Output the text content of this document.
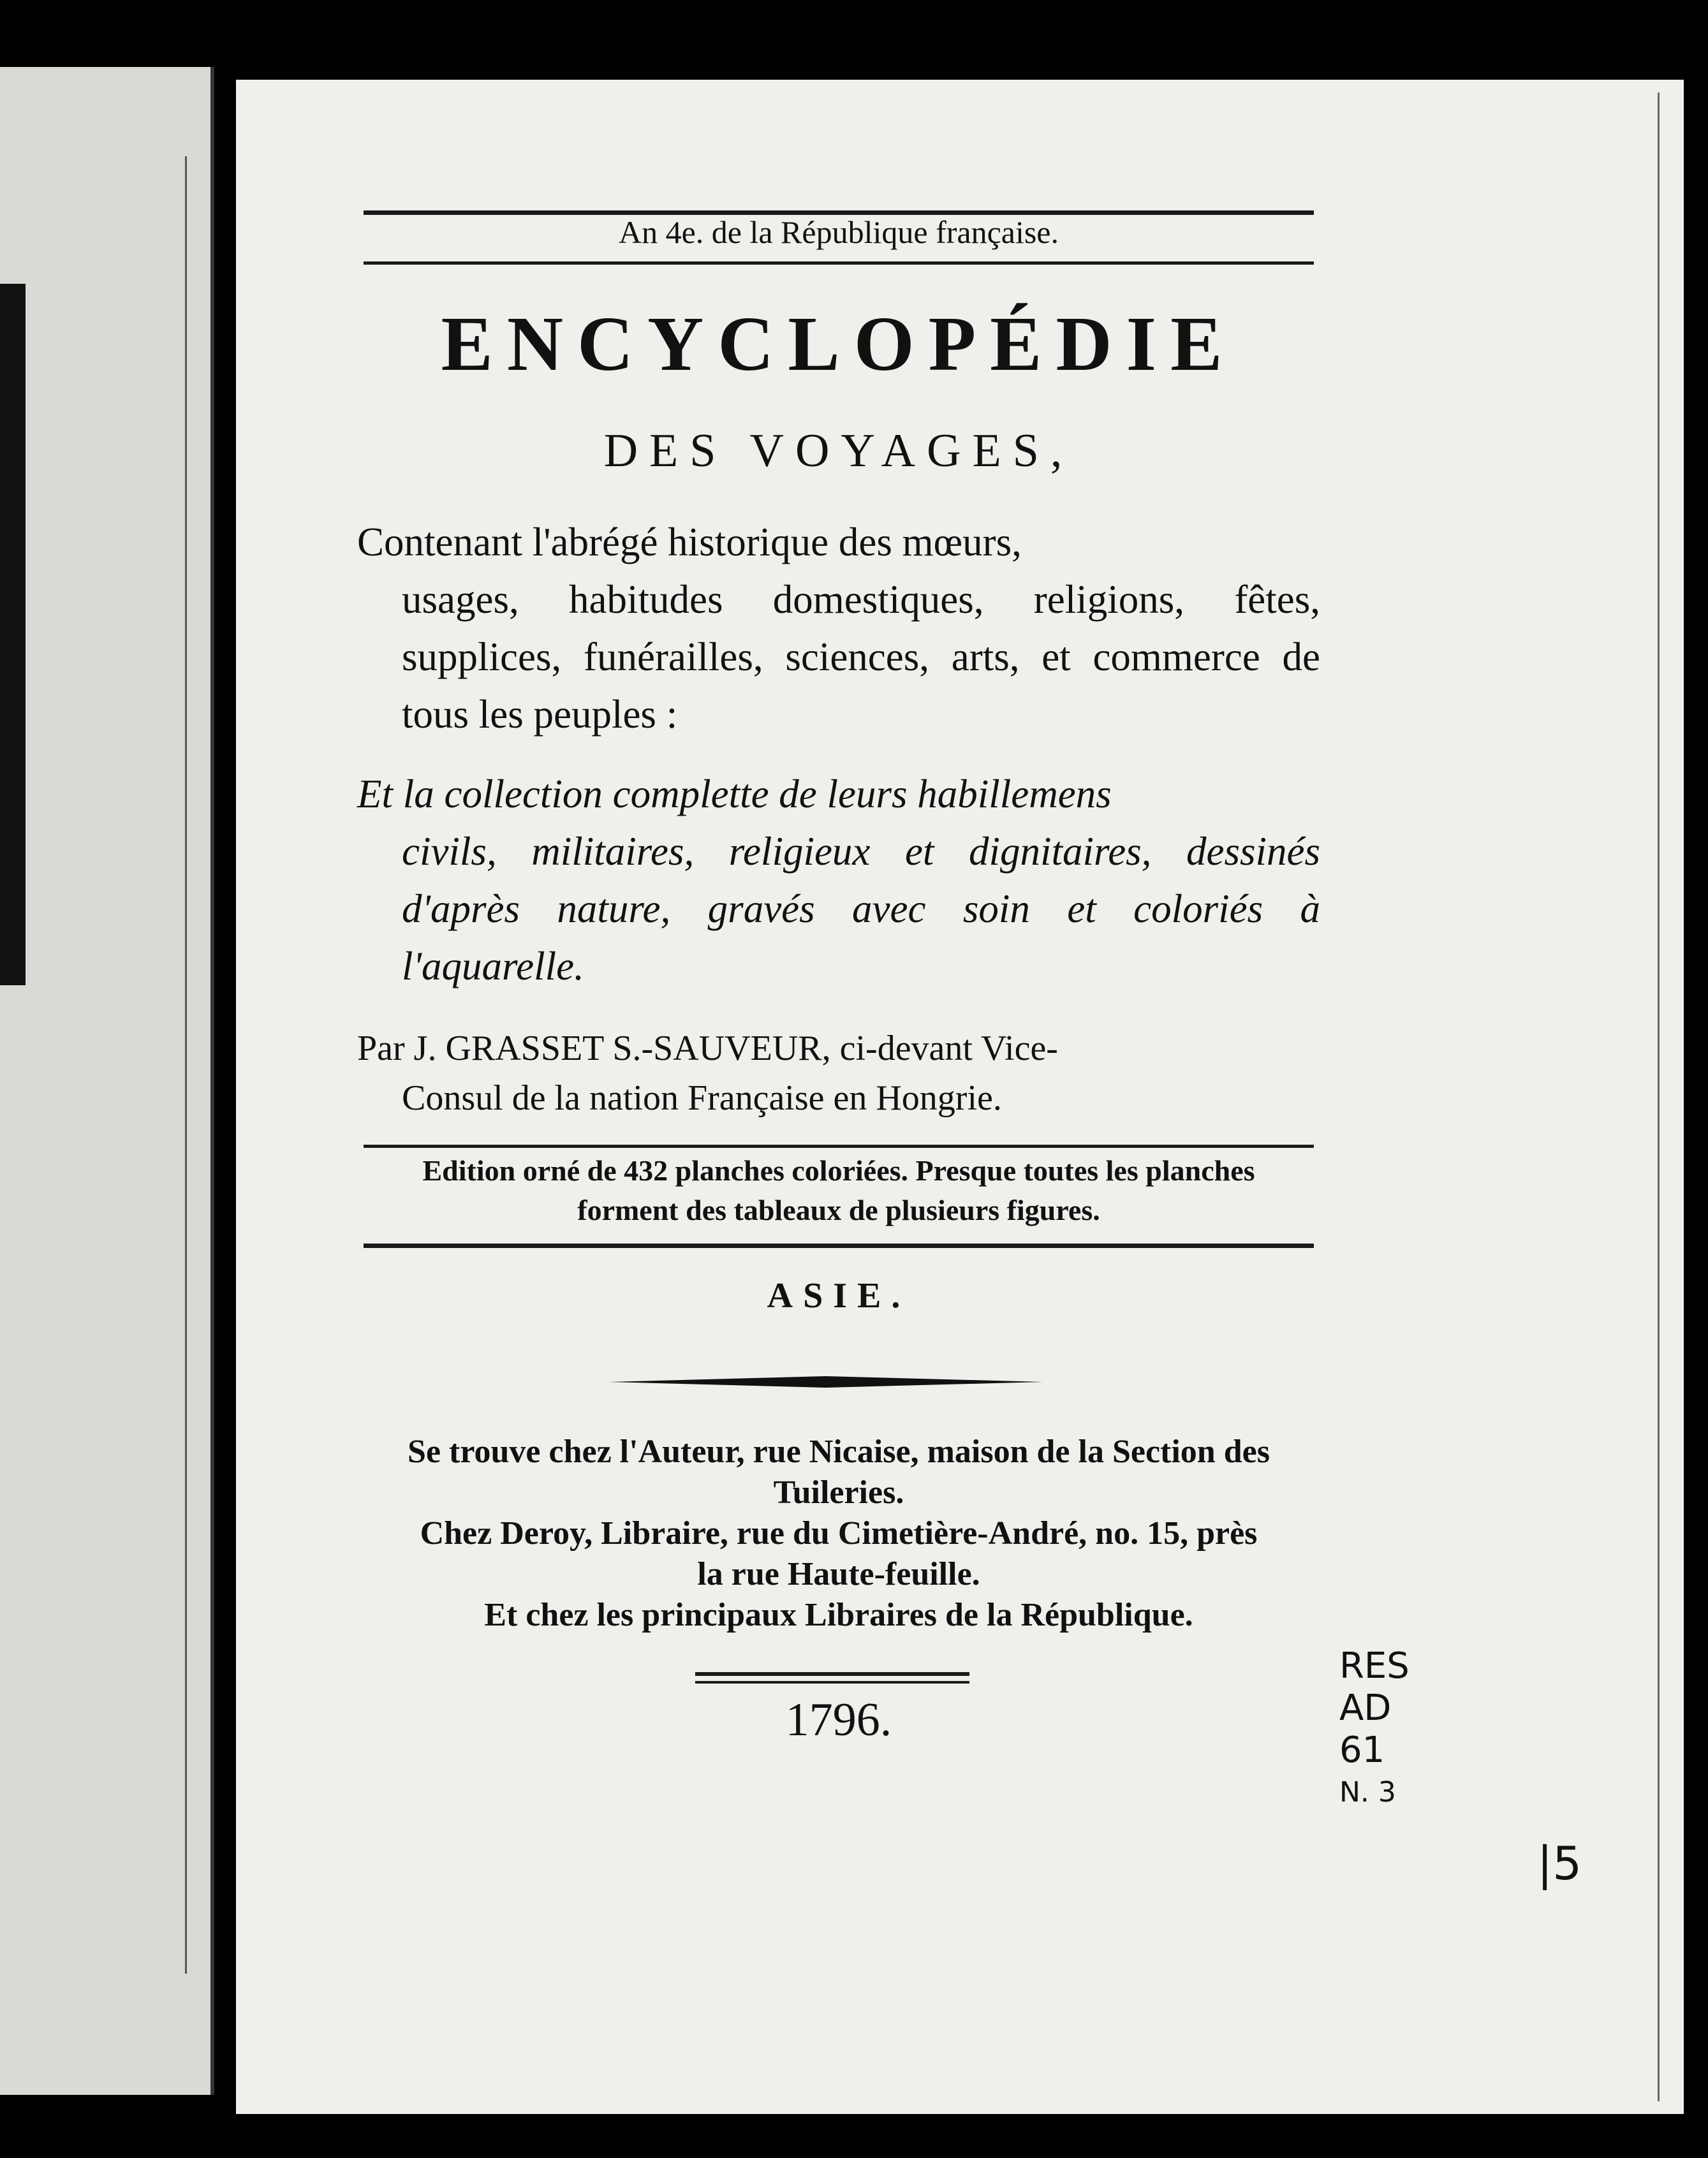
An 4e. de la République française.
ENCYCLOPÉDIE
DES VOYAGES,
Contenant l'abrégé historique des mœurs,
usages, habitudes domestiques, religions, fêtes, supplices, funérailles, sciences, arts, et commerce de tous les peuples :
Et la collection complette de leurs habillemens
civils, militaires, religieux et dignitaires, dessinés d'après nature, gravés avec soin et coloriés à l'aquarelle.
Par J. GRASSET S.-SAUVEUR, ci-devant Vice-
Consul de la nation Française en Hongrie.
Edition orné de 432 planches coloriées. Presque toutes les planches
forment des tableaux de plusieurs figures.
ASIE.
Se trouve chez l'Auteur, rue Nicaise, maison de la Section des
Tuileries.
Chez Deroy, Libraire, rue du Cimetière-André, no. 15, près
la rue Haute-feuille.
Et chez les principaux Libraires de la République.
1796.
RES
AD
61
N. 3
|5
